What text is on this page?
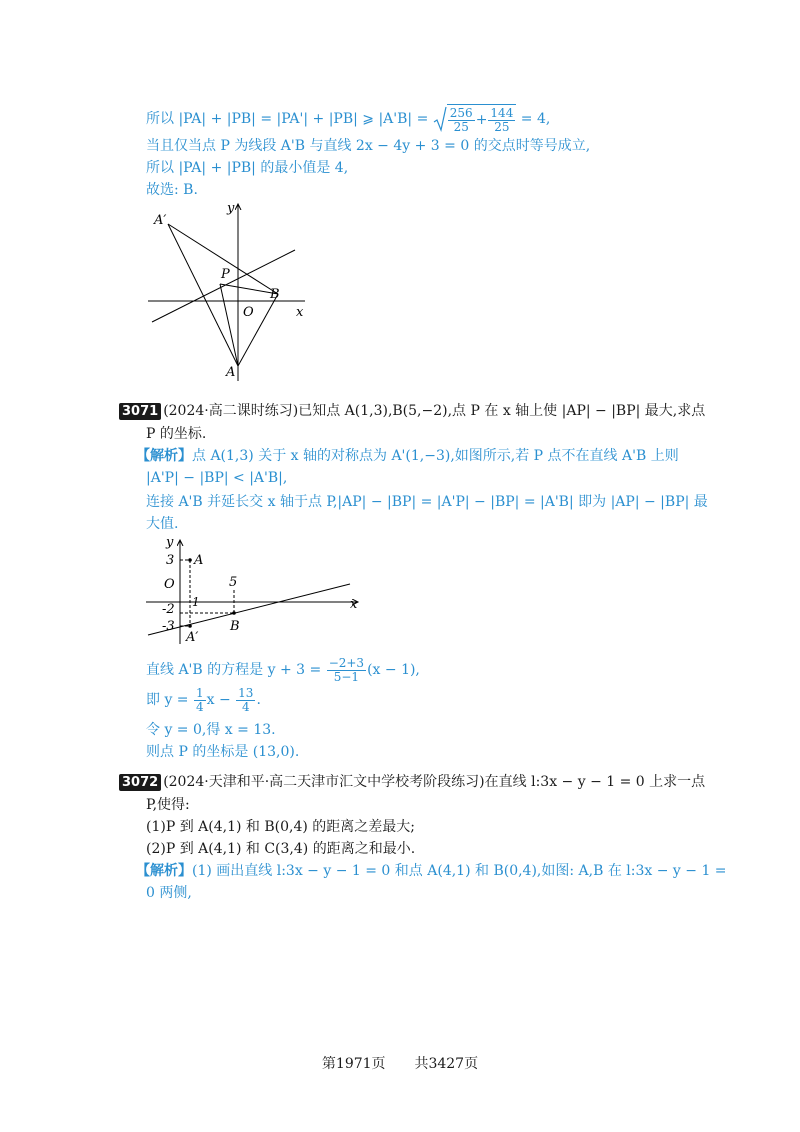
所以 |PA| + |PB| = |PA'| + |PB| ⩾ $|A'B| = \frac{256}{25} + \frac{144}{25} = 4$,
当且仅当点 P 为线段 A'B 与直线 2x − 4y + 3 = 0 的交点时等号成立,
所以 |PA| + |PB| 的最小值是 4,
故选: B.
y
x
A′
P
B
O
A
3071 (2024·高二课时练习)已知点 A(1,3),B(5,−2),点 P 在 x 轴上使 |AP| − |BP| 最大,求点
P 的坐标.
【解析】点 A(1,3) 关于 x 轴的对称点为 A'(1,−3),如图所示,若 P 点不在直线 A'B 上则
|A'P| − |BP| < |A'B|,
连接 A'B 并延长交 x 轴于点 P,|AP| − |BP| = |A'P| − |BP| = |A'B| 即为 |AP| − |BP| 最
大值.
y
A
3
O	5
x
-2 1
-3	B
A′
直线 A'B 的方程是 $y + 3 = \frac{-2+3}{5-1} (x - 1)$,
即 $y = \frac{1}{4}$ $x - \frac{13}{4}$ .
令 y = 0,得 x = 13.
则点 P 的坐标是 (13,0).
3072 (2024·天津和平·高二天津市汇文中学校考阶段练习)在直线 l:3x − y − 1 = 0 上求一点
P,使得:
(1)P 到 A(4,1) 和 B(0,4) 的距离之差最大;
(2)P 到 A(4,1) 和 C(3,4) 的距离之和最小.
【解析】(1) 画出直线 l:3x − y − 1 = 0 和点 A(4,1) 和 B(0,4),如图: A,B 在 l:3x − y − 1 =
0 两侧,
第1971页 共3427页
